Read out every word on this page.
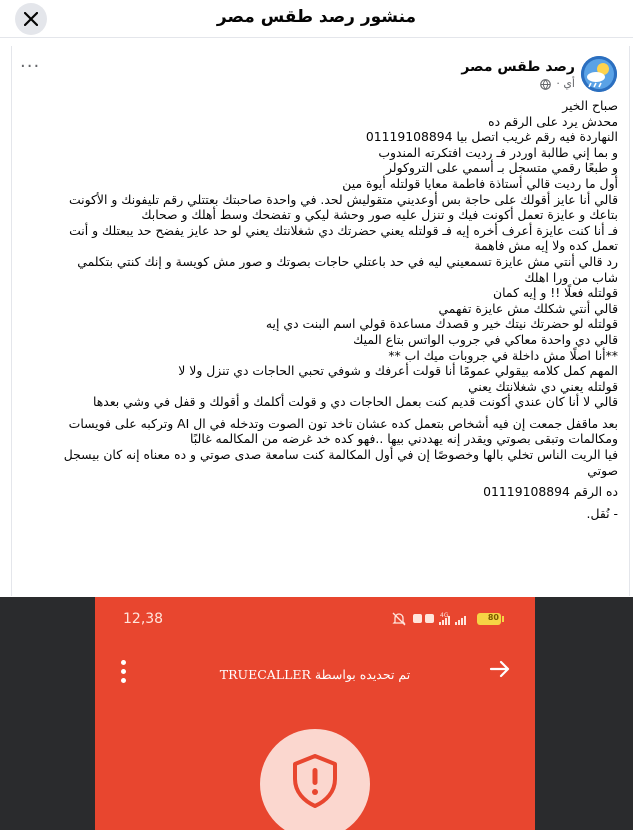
منشور رصد طقس مصر
رصد طقس مصر
أي ·
···
صباح الخير
محدش يرد على الرقم ده
النهاردة فيه رقم غريب اتصل بيا 01119108894
و بما إني طالبة اوردر فـ رديت افتكرته المندوب
و طبعًا رقمي متسجل بـ أسمي على التروكولر
أول ما رديت قالي أستاذة فاطمة معايا قولتله أيوة مين
قالي أنا عايز أقولك على حاجة بس أوعديني متقوليش لحد. في واحدة صاحبتك بعتتلي رقم تليفونك و الأكونت
بتاعك و عايزة تعمل أكونت فيك و تنزل عليه صور وحشة ليكي و تفضحك وسط أهلك و صحابك
فـ أنا كنت عايزة أعرف أخره إيه فـ قولتله يعني حضرتك دي شغلانتك يعني لو حد عايز يفضح حد يبعتلك و أنت
تعمل كده ولا إيه مش فاهمة
رد قالي أنتي مش عايزة تسمعيني ليه في حد باعتلي حاجات بصوتك و صور مش كويسة و إنك كنتي بتكلمي
شاب من ورا اهلك
قولتله فعلًا !! و إيه كمان
قالي أنتي شكلك مش عايزة تفهمي
قولتله لو حضرتك نيتك خير و قصدك مساعدة قولي اسم البنت دي إيه
قالي دي واحدة معاكي في جروب الواتس بتاع الميك
**أنا اصلًا مش داخلة في جروبات ميك اب **
المهم كمل كلامه بيقولي عمومًا أنا قولت أعرفك و شوفي تحبي الحاجات دي تنزل ولا لا
قولتله يعني دي شغلانتك يعني
قالي لا أنا كان عندي أكونت قديم كنت بعمل الحاجات دي و قولت أكلمك و أقولك و قفل في وشي بعدها
بعد ماقفل جمعت إن فيه أشخاص بتعمل كده عشان تاخد تون الصوت وتدخله في ال AI وتركبه على فويسات
ومكالمات وتبقى بصوتي ويقدر إنه يهددني بيها ..فهو كده خد غرضه من المكالمه غالبًا
فيا الريت الناس تخلي بالها وخصوصًا إن في أول المكالمة كنت سامعة صدى صوتي و ده معناه إنه كان بيسجل
صوتي
ده الرقم 01119108894
- نُقل.
12,38	4G	80
تم تحديده بواسطة TRUECALLER
